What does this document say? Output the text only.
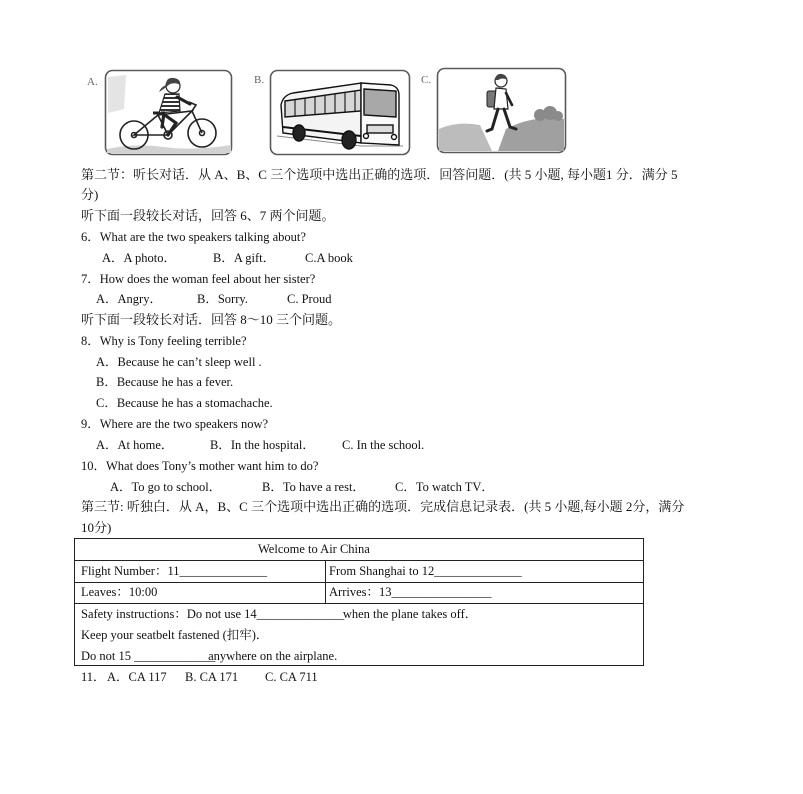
A.	B.	C.
第二节：听长对话．从 A、B、C 三个选项中选出正确的选项．回答问题．(共 5 小题, 每小题1 分．满分 5
分)
听下面一段较长对话，回答 6、7 两个问题。
6．What are the two speakers talking about?
A．A photo．	B．A gift． C.A book
7．How does the woman feel about her sister?
A．Angry．	B．Sorry.	C. Proud
听下面一段较长对话．回答 8～10 三个问题。
8．Why is Tony feeling terrible?
A．Because he can’t sleep well .
B．Because he has a fever.
C．Because he has a stomachache.
9．Where are the two speakers now?
A．At home．	B．In the hospital． C. In the school.
10．What does Tony’s mother want him to do?
A．To go to school．	B．To have a rest． C．To watch TV．
第三节: 听独白．从 A，B、C 三个选项中选出正确的选项．完成信息记录表．(共 5 小题,每小题 2分，满分
10分)
Welcome to Air China
Flight Number：11______________	From Shanghai to 12______________
Leaves：10:00	Arrives：13________________
Safety instructions：Do not use 14______________ when the plane takes off．
Keep your seatbelt fastened (扣牢)．
Do not 15 _____________anywhere on the airplane.
11． A．CA 117 B. CA 171 C. CA 711
